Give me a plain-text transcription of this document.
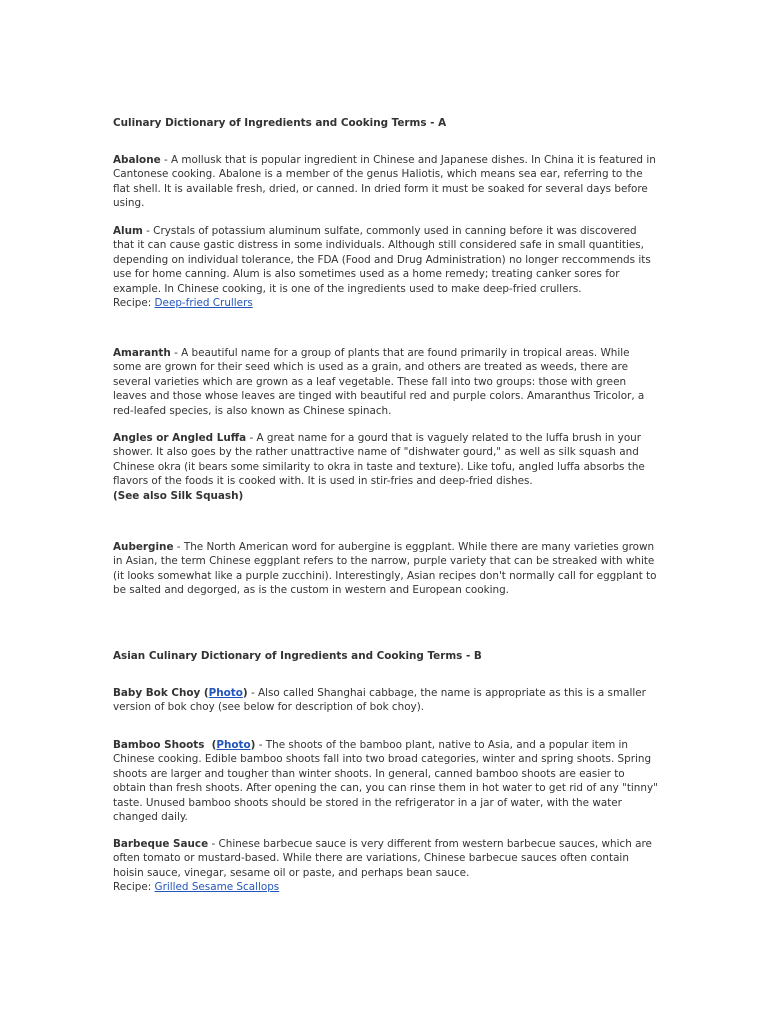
Culinary Dictionary of Ingredients and Cooking Terms - A

Abalone - A mollusk that is popular ingredient in Chinese and Japanese dishes. In China it is featured in Cantonese cooking. Abalone is a member of the genus Haliotis, which means sea ear, referring to the flat shell. It is available fresh, dried, or canned. In dried form it must be soaked for several days before using.

Alum - Crystals of potassium aluminum sulfate, commonly used in canning before it was discovered that it can cause gastic distress in some individuals. Although still considered safe in small quantities, depending on individual tolerance, the FDA (Food and Drug Administration) no longer reccommends its use for home canning. Alum is also sometimes used as a home remedy; treating canker sores for example. In Chinese cooking, it is one of the ingredients used to make deep-fried crullers.

Recipe: Deep-fried Crullers

Amaranth - A beautiful name for a group of plants that are found primarily in tropical areas. While some are grown for their seed which is used as a grain, and others are treated as weeds, there are several varieties which are grown as a leaf vegetable. These fall into two groups: those with green leaves and those whose leaves are tinged with beautiful red and purple colors. Amaranthus Tricolor, a red-leafed species, is also known as Chinese spinach.

Angles or Angled Luffa - A great name for a gourd that is vaguely related to the luffa brush in your shower. It also goes by the rather unattractive name of "dishwater gourd," as well as silk squash and Chinese okra (it bears some similarity to okra in taste and texture). Like tofu, angled luffa absorbs the flavors of the foods it is cooked with. It is used in stir-fries and deep-fried dishes.

(See also Silk Squash)

Aubergine - The North American word for aubergine is eggplant. While there are many varieties grown in Asian, the term Chinese eggplant refers to the narrow, purple variety that can be streaked with white (it looks somewhat like a purple zucchini). Interestingly, Asian recipes don't normally call for eggplant to be salted and degorged, as is the custom in western and European cooking.

Asian Culinary Dictionary of Ingredients and Cooking Terms - B

Baby Bok Choy (Photo) - Also called Shanghai cabbage, the name is appropriate as this is a smaller version of bok choy (see below for description of bok choy).

Bamboo Shoots  (Photo) - The shoots of the bamboo plant, native to Asia, and a popular item in Chinese cooking. Edible bamboo shoots fall into two broad categories, winter and spring shoots. Spring shoots are larger and tougher than winter shoots. In general, canned bamboo shoots are easier to obtain than fresh shoots. After opening the can, you can rinse them in hot water to get rid of any "tinny" taste. Unused bamboo shoots should be stored in the refrigerator in a jar of water, with the water changed daily.

Barbeque Sauce - Chinese barbecue sauce is very different from western barbecue sauces, which are often tomato or mustard-based. While there are variations, Chinese barbecue sauces often contain hoisin sauce, vinegar, sesame oil or paste, and perhaps bean sauce.

Recipe: Grilled Sesame Scallops
